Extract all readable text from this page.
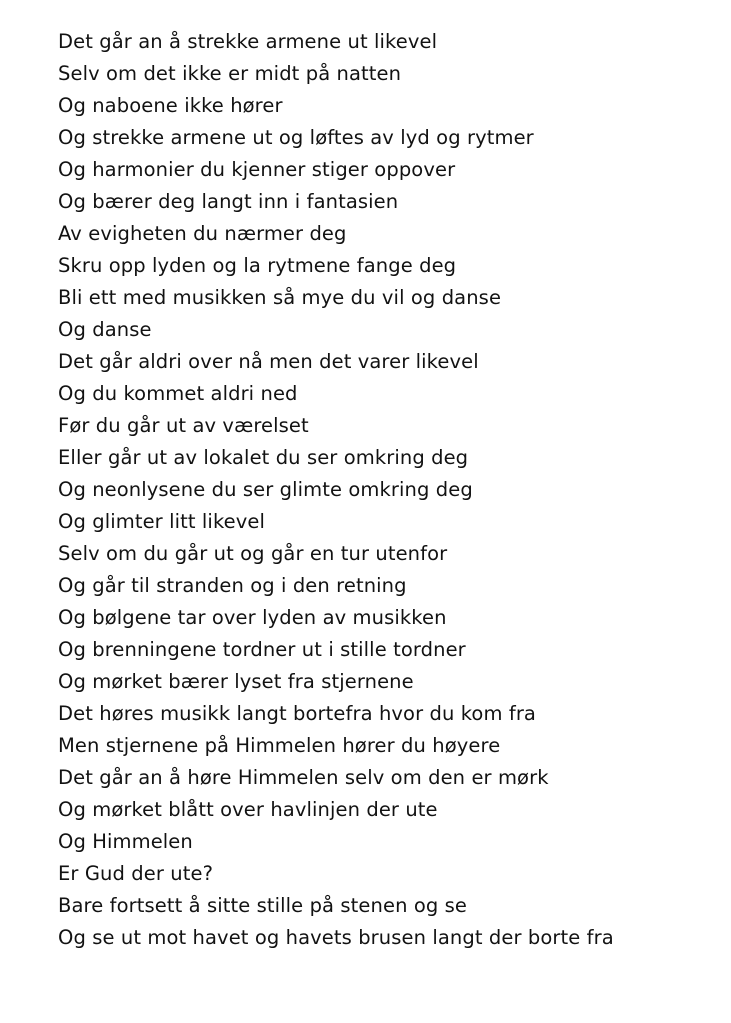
Det går an å strekke armene ut likevel
Selv om det ikke er midt på natten
Og naboene ikke hører
Og strekke armene ut og løftes av lyd og rytmer
Og harmonier du kjenner stiger oppover
Og bærer deg langt inn i fantasien
Av evigheten du nærmer deg
Skru opp lyden og la rytmene fange deg
Bli ett med musikken så mye du vil og danse
Og danse
Det går aldri over nå men det varer likevel
Og du kommet aldri ned
Før du går ut av værelset
Eller går ut av lokalet du ser omkring deg
Og neonlysene du ser glimte omkring deg
Og glimter litt likevel
Selv om du går ut og går en tur utenfor
Og går til stranden og i den retning
Og bølgene tar over lyden av musikken
Og brenningene tordner ut i stille tordner
Og mørket bærer lyset fra stjernene
Det høres musikk langt bortefra hvor du kom fra
Men stjernene på Himmelen hører du høyere
Det går an å høre Himmelen selv om den er mørk
Og mørket blått over havlinjen der ute
Og Himmelen
Er Gud der ute?
Bare fortsett å sitte stille på stenen og se
Og se ut mot havet og havets brusen langt der borte fra
